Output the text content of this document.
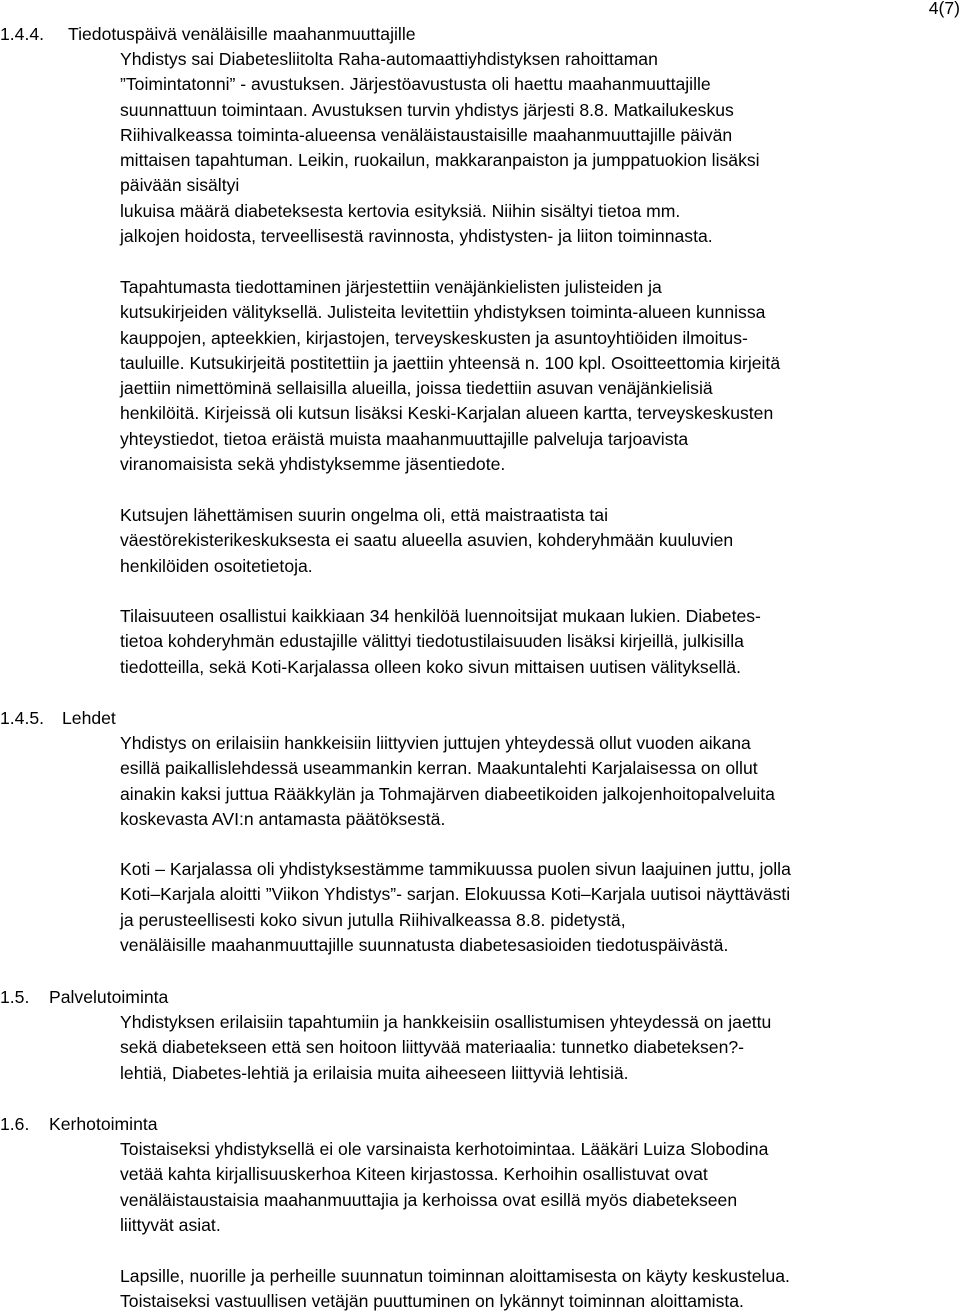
4(7)
1.4.4. Tiedotuspäivä venäläisille maahanmuuttajille
Yhdistys sai Diabetesliitolta Raha-automaattiyhdistyksen rahoittaman
”Toimintatonni” - avustuksen. Järjestöavustusta oli haettu maahanmuuttajille
suunnattuun toimintaan. Avustuksen turvin yhdistys järjesti 8.8. Matkailukeskus
Riihivalkeassa toiminta-alueensa venäläistaustaisille maahanmuuttajille päivän
mittaisen tapahtuman. Leikin, ruokailun, makkaranpaiston ja jumppatuokion lisäksi
päivään sisältyi
lukuisa määrä diabeteksesta kertovia esityksiä. Niihin sisältyi tietoa mm.
jalkojen hoidosta, terveellisestä ravinnosta, yhdistysten- ja liiton toiminnasta.
Tapahtumasta tiedottaminen järjestettiin venäjänkielisten julisteiden ja
kutsukirjeiden välityksellä. Julisteita levitettiin yhdistyksen toiminta-alueen kunnissa
kauppojen, apteekkien, kirjastojen, terveyskeskusten ja asuntoyhtiöiden ilmoitus-
tauluille. Kutsukirjeitä postitettiin ja jaettiin yhteensä n. 100 kpl. Osoitteettomia kirjeitä
jaettiin nimettöminä sellaisilla alueilla, joissa tiedettiin asuvan venäjänkielisiä
henkilöitä. Kirjeissä oli kutsun lisäksi Keski-Karjalan alueen kartta, terveyskeskusten
yhteystiedot, tietoa eräistä muista maahanmuuttajille palveluja tarjoavista
viranomaisista sekä yhdistyksemme jäsentiedote.
Kutsujen lähettämisen suurin ongelma oli, että maistraatista tai
väestörekisterikeskuksesta ei saatu alueella asuvien, kohderyhmään kuuluvien
henkilöiden osoitetietoja.
Tilaisuuteen osallistui kaikkiaan 34 henkilöä luennoitsijat mukaan lukien. Diabetes-
tietoa kohderyhmän edustajille välittyi tiedotustilaisuuden lisäksi kirjeillä, julkisilla
tiedotteilla, sekä Koti-Karjalassa olleen koko sivun mittaisen uutisen välityksellä.
1.4.5. Lehdet
Yhdistys on erilaisiin hankkeisiin liittyvien juttujen yhteydessä ollut vuoden aikana
esillä paikallislehdessä useammankin kerran. Maakuntalehti Karjalaisessa on ollut
ainakin kaksi juttua Rääkkylän ja Tohmajärven diabeetikoiden jalkojenhoitopalveluita
koskevasta AVI:n antamasta päätöksestä.
Koti – Karjalassa oli yhdistyksestämme tammikuussa puolen sivun laajuinen juttu, jolla
Koti–Karjala aloitti ”Viikon Yhdistys”- sarjan. Elokuussa Koti–Karjala uutisoi näyttävästi
ja perusteellisesti koko sivun jutulla Riihivalkeassa 8.8. pidetystä,
venäläisille maahanmuuttajille suunnatusta diabetesasioiden tiedotuspäivästä.
1.5. Palvelutoiminta
Yhdistyksen erilaisiin tapahtumiin ja hankkeisiin osallistumisen yhteydessä on jaettu
sekä diabetekseen että sen hoitoon liittyvää materiaalia: tunnetko diabeteksen?-
lehtiä, Diabetes-lehtiä ja erilaisia muita aiheeseen liittyviä lehtisiä.
1.6. Kerhotoiminta
Toistaiseksi yhdistyksellä ei ole varsinaista kerhotoimintaa. Lääkäri Luiza Slobodina
vetää kahta kirjallisuuskerhoa Kiteen kirjastossa. Kerhoihin osallistuvat ovat
venäläistaustaisia maahanmuuttajia ja kerhoissa ovat esillä myös diabetekseen
liittyvät asiat.
Lapsille, nuorille ja perheille suunnatun toiminnan aloittamisesta on käyty keskustelua.
Toistaiseksi vastuullisen vetäjän puuttuminen on lykännyt toiminnan aloittamista.
